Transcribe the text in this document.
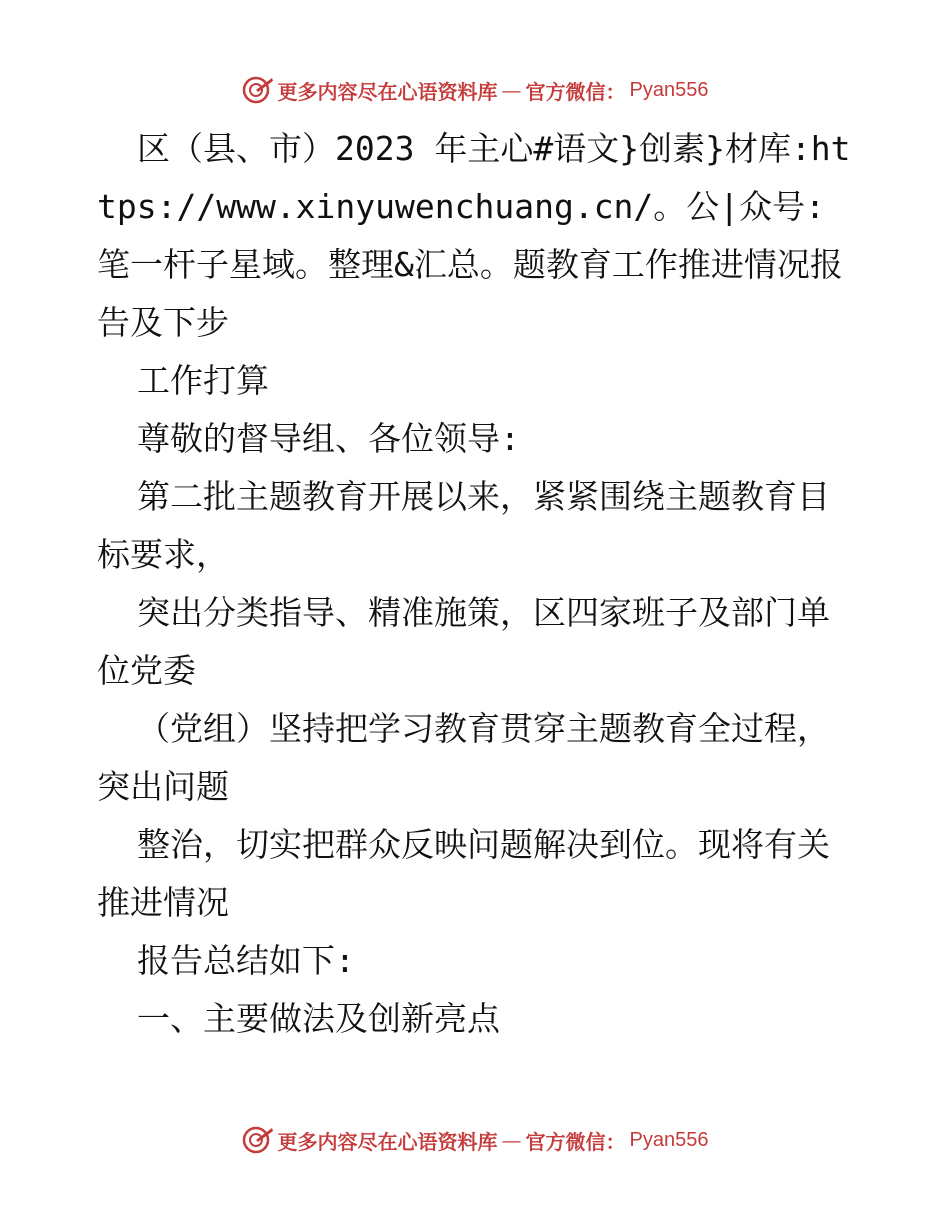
更多内容尽在心语资料库 — 官方微信： Pyan556

区（县、市）2023 年主心#语文}创素}材库:https://www.xinyuwenchuang.cn/。公|众号: 笔一杆子星域。整理&汇总。题教育工作推进情况报告及下步

工作打算

尊敬的督导组、各位领导:

第二批主题教育开展以来，紧紧围绕主题教育目标要求，

突出分类指导、精准施策，区四家班子及部门单位党委

（党组）坚持把学习教育贯穿主题教育全过程，突出问题

整治，切实把群众反映问题解决到位。现将有关推进情况

报告总结如下:

一、主要做法及创新亮点

更多内容尽在心语资料库 — 官方微信： Pyan556
